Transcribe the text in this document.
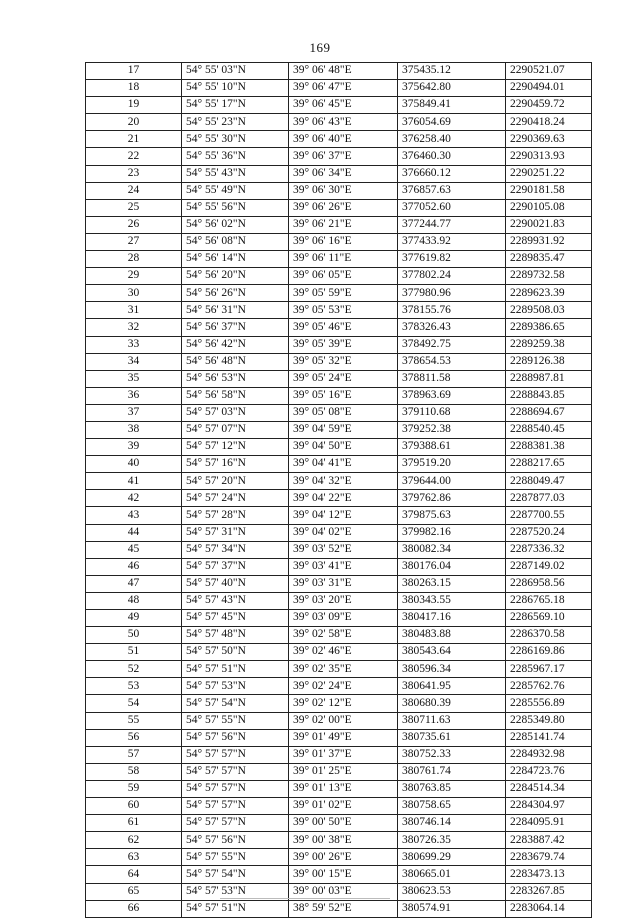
169
17	54° 55' 03"N	39° 06' 48"E	375435.12	2290521.07
18	54° 55' 10"N	39° 06' 47"E	375642.80	2290494.01
19	54° 55' 17"N	39° 06' 45"E	375849.41	2290459.72
20	54° 55' 23"N	39° 06' 43"E	376054.69	2290418.24
21	54° 55' 30"N	39° 06' 40"E	376258.40	2290369.63
22	54° 55' 36"N	39° 06' 37"E	376460.30	2290313.93
23	54° 55' 43"N	39° 06' 34"E	376660.12	2290251.22
24	54° 55' 49"N	39° 06' 30"E	376857.63	2290181.58
25	54° 55' 56"N	39° 06' 26"E	377052.60	2290105.08
26	54° 56' 02"N	39° 06' 21"E	377244.77	2290021.83
27	54° 56' 08"N	39° 06' 16"E	377433.92	2289931.92
28	54° 56' 14"N	39° 06' 11"E	377619.82	2289835.47
29	54° 56' 20"N	39° 06' 05"E	377802.24	2289732.58
30	54° 56' 26"N	39° 05' 59"E	377980.96	2289623.39
31	54° 56' 31"N	39° 05' 53"E	378155.76	2289508.03
32	54° 56' 37"N	39° 05' 46"E	378326.43	2289386.65
33	54° 56' 42"N	39° 05' 39"E	378492.75	2289259.38
34	54° 56' 48"N	39° 05' 32"E	378654.53	2289126.38
35	54° 56' 53"N	39° 05' 24"E	378811.58	2288987.81
36	54° 56' 58"N	39° 05' 16"E	378963.69	2288843.85
37	54° 57' 03"N	39° 05' 08"E	379110.68	2288694.67
38	54° 57' 07"N	39° 04' 59"E	379252.38	2288540.45
39	54° 57' 12"N	39° 04' 50"E	379388.61	2288381.38
40	54° 57' 16"N	39° 04' 41"E	379519.20	2288217.65
41	54° 57' 20"N	39° 04' 32"E	379644.00	2288049.47
42	54° 57' 24"N	39° 04' 22"E	379762.86	2287877.03
43	54° 57' 28"N	39° 04' 12"E	379875.63	2287700.55
44	54° 57' 31"N	39° 04' 02"E	379982.16	2287520.24
45	54° 57' 34"N	39° 03' 52"E	380082.34	2287336.32
46	54° 57' 37"N	39° 03' 41"E	380176.04	2287149.02
47	54° 57' 40"N	39° 03' 31"E	380263.15	2286958.56
48	54° 57' 43"N	39° 03' 20"E	380343.55	2286765.18
49	54° 57' 45"N	39° 03' 09"E	380417.16	2286569.10
50	54° 57' 48"N	39° 02' 58"E	380483.88	2286370.58
51	54° 57' 50"N	39° 02' 46"E	380543.64	2286169.86
52	54° 57' 51"N	39° 02' 35"E	380596.34	2285967.17
53	54° 57' 53"N	39° 02' 24"E	380641.95	2285762.76
54	54° 57' 54"N	39° 02' 12"E	380680.39	2285556.89
55	54° 57' 55"N	39° 02' 00"E	380711.63	2285349.80
56	54° 57' 56"N	39° 01' 49"E	380735.61	2285141.74
57	54° 57' 57"N	39° 01' 37"E	380752.33	2284932.98
58	54° 57' 57"N	39° 01' 25"E	380761.74	2284723.76
59	54° 57' 57"N	39° 01' 13"E	380763.85	2284514.34
60	54° 57' 57"N	39° 01' 02"E	380758.65	2284304.97
61	54° 57' 57"N	39° 00' 50"E	380746.14	2284095.91
62	54° 57' 56"N	39° 00' 38"E	380726.35	2283887.42
63	54° 57' 55"N	39° 00' 26"E	380699.29	2283679.74
64	54° 57' 54"N	39° 00' 15"E	380665.01	2283473.13
65	54° 57' 53"N	39° 00' 03"E	380623.53	2283267.85
66	54° 57' 51"N	38° 59' 52"E	380574.91	2283064.14
